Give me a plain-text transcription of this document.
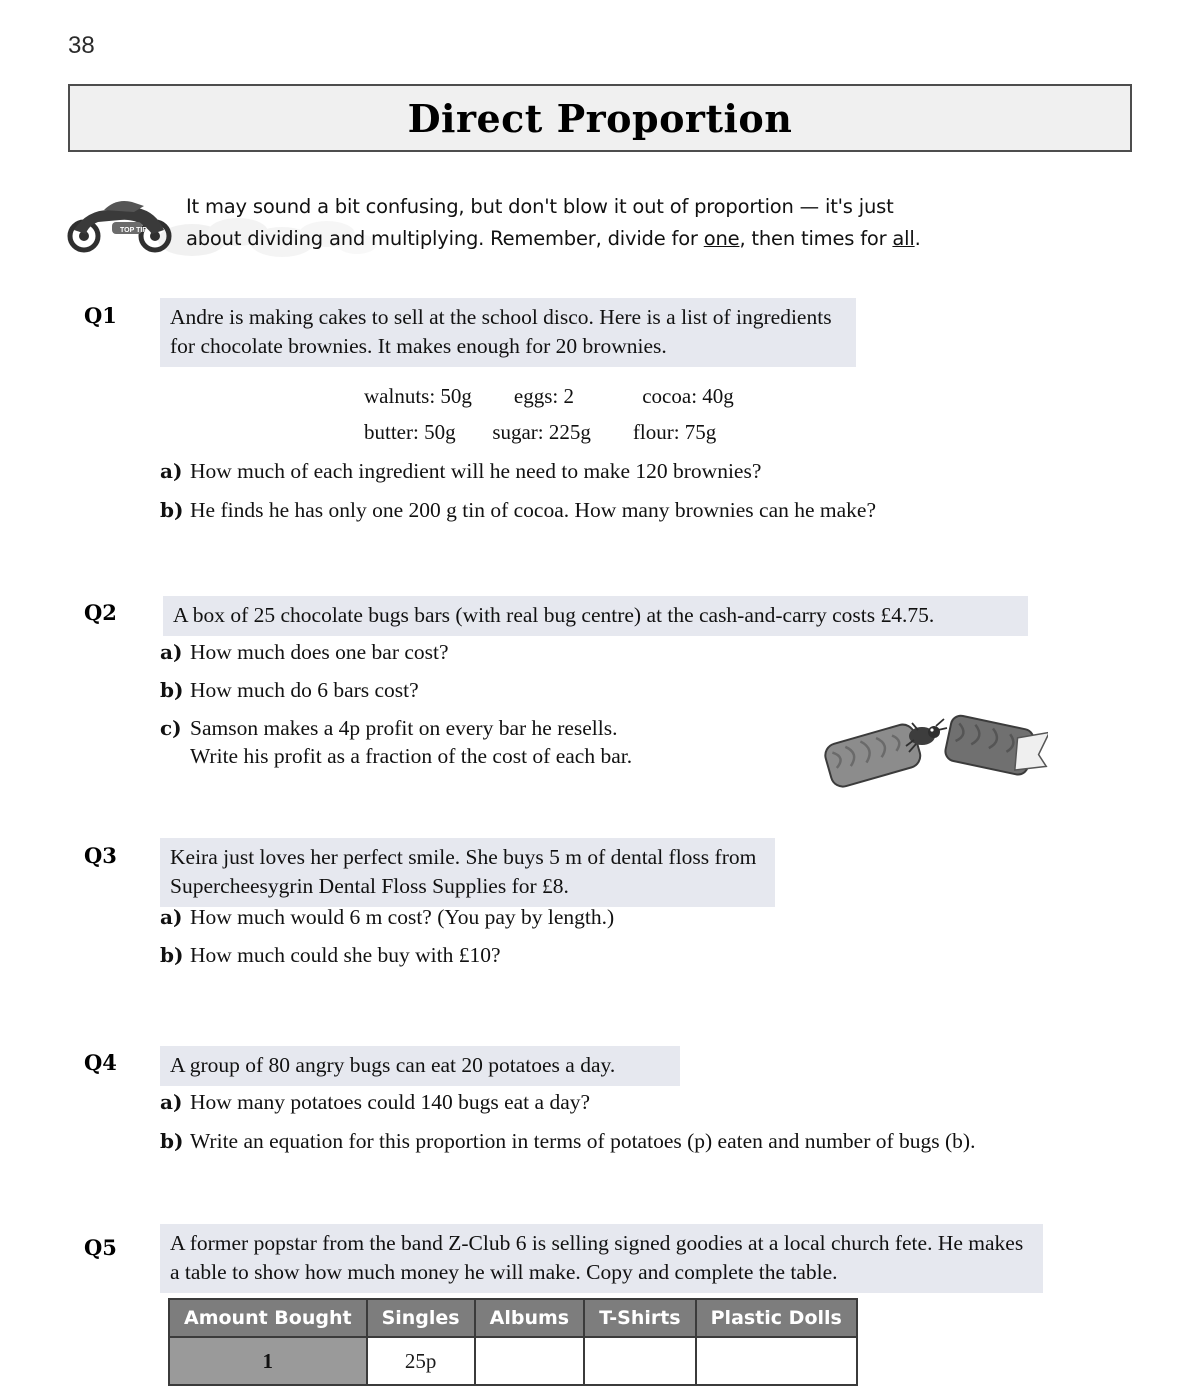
38
Direct Proportion
TOP TIP
It may sound a bit confusing, but don't blow it out of proportion — it's just
about dividing and multiplying. Remember, divide for one, then times for all.
Q1	Andre is making cakes to sell at the school disco. Here is a list of ingredients for chocolate brownies. It makes enough for 20 brownies.
walnuts: 50g        eggs: 2             cocoa: 40g
butter: 50g       sugar: 225g        flour: 75g
a) How much of each ingredient will he need to make 120 brownies?
b) He finds he has only one 200 g tin of cocoa. How many brownies can he make?
Q2	A box of 25 chocolate bugs bars (with real bug centre) at the cash-and-carry costs £4.75.
a) How much does one bar cost?
b) How much do 6 bars cost?
c) Samson makes a 4p profit on every bar he resells.
Write his profit as a fraction of the cost of each bar.
Q3	Keira just loves her perfect smile. She buys 5 m of dental floss from Supercheesygrin Dental Floss Supplies for £8.
a) How much would 6 m cost? (You pay by length.)
b) How much could she buy with £10?
Q4	A group of 80 angry bugs can eat 20 potatoes a day.
a) How many potatoes could 140 bugs eat a day?
b) Write an equation for this proportion in terms of potatoes (p) eaten and number of bugs (b).
Q5	A former popstar from the band Z-Club 6 is selling signed goodies at a local church fete. He makes a table to show how much money he will make. Copy and complete the table.
Amount Bought	Singles	Albums	T-Shirts	Plastic Dolls
1	25p			
